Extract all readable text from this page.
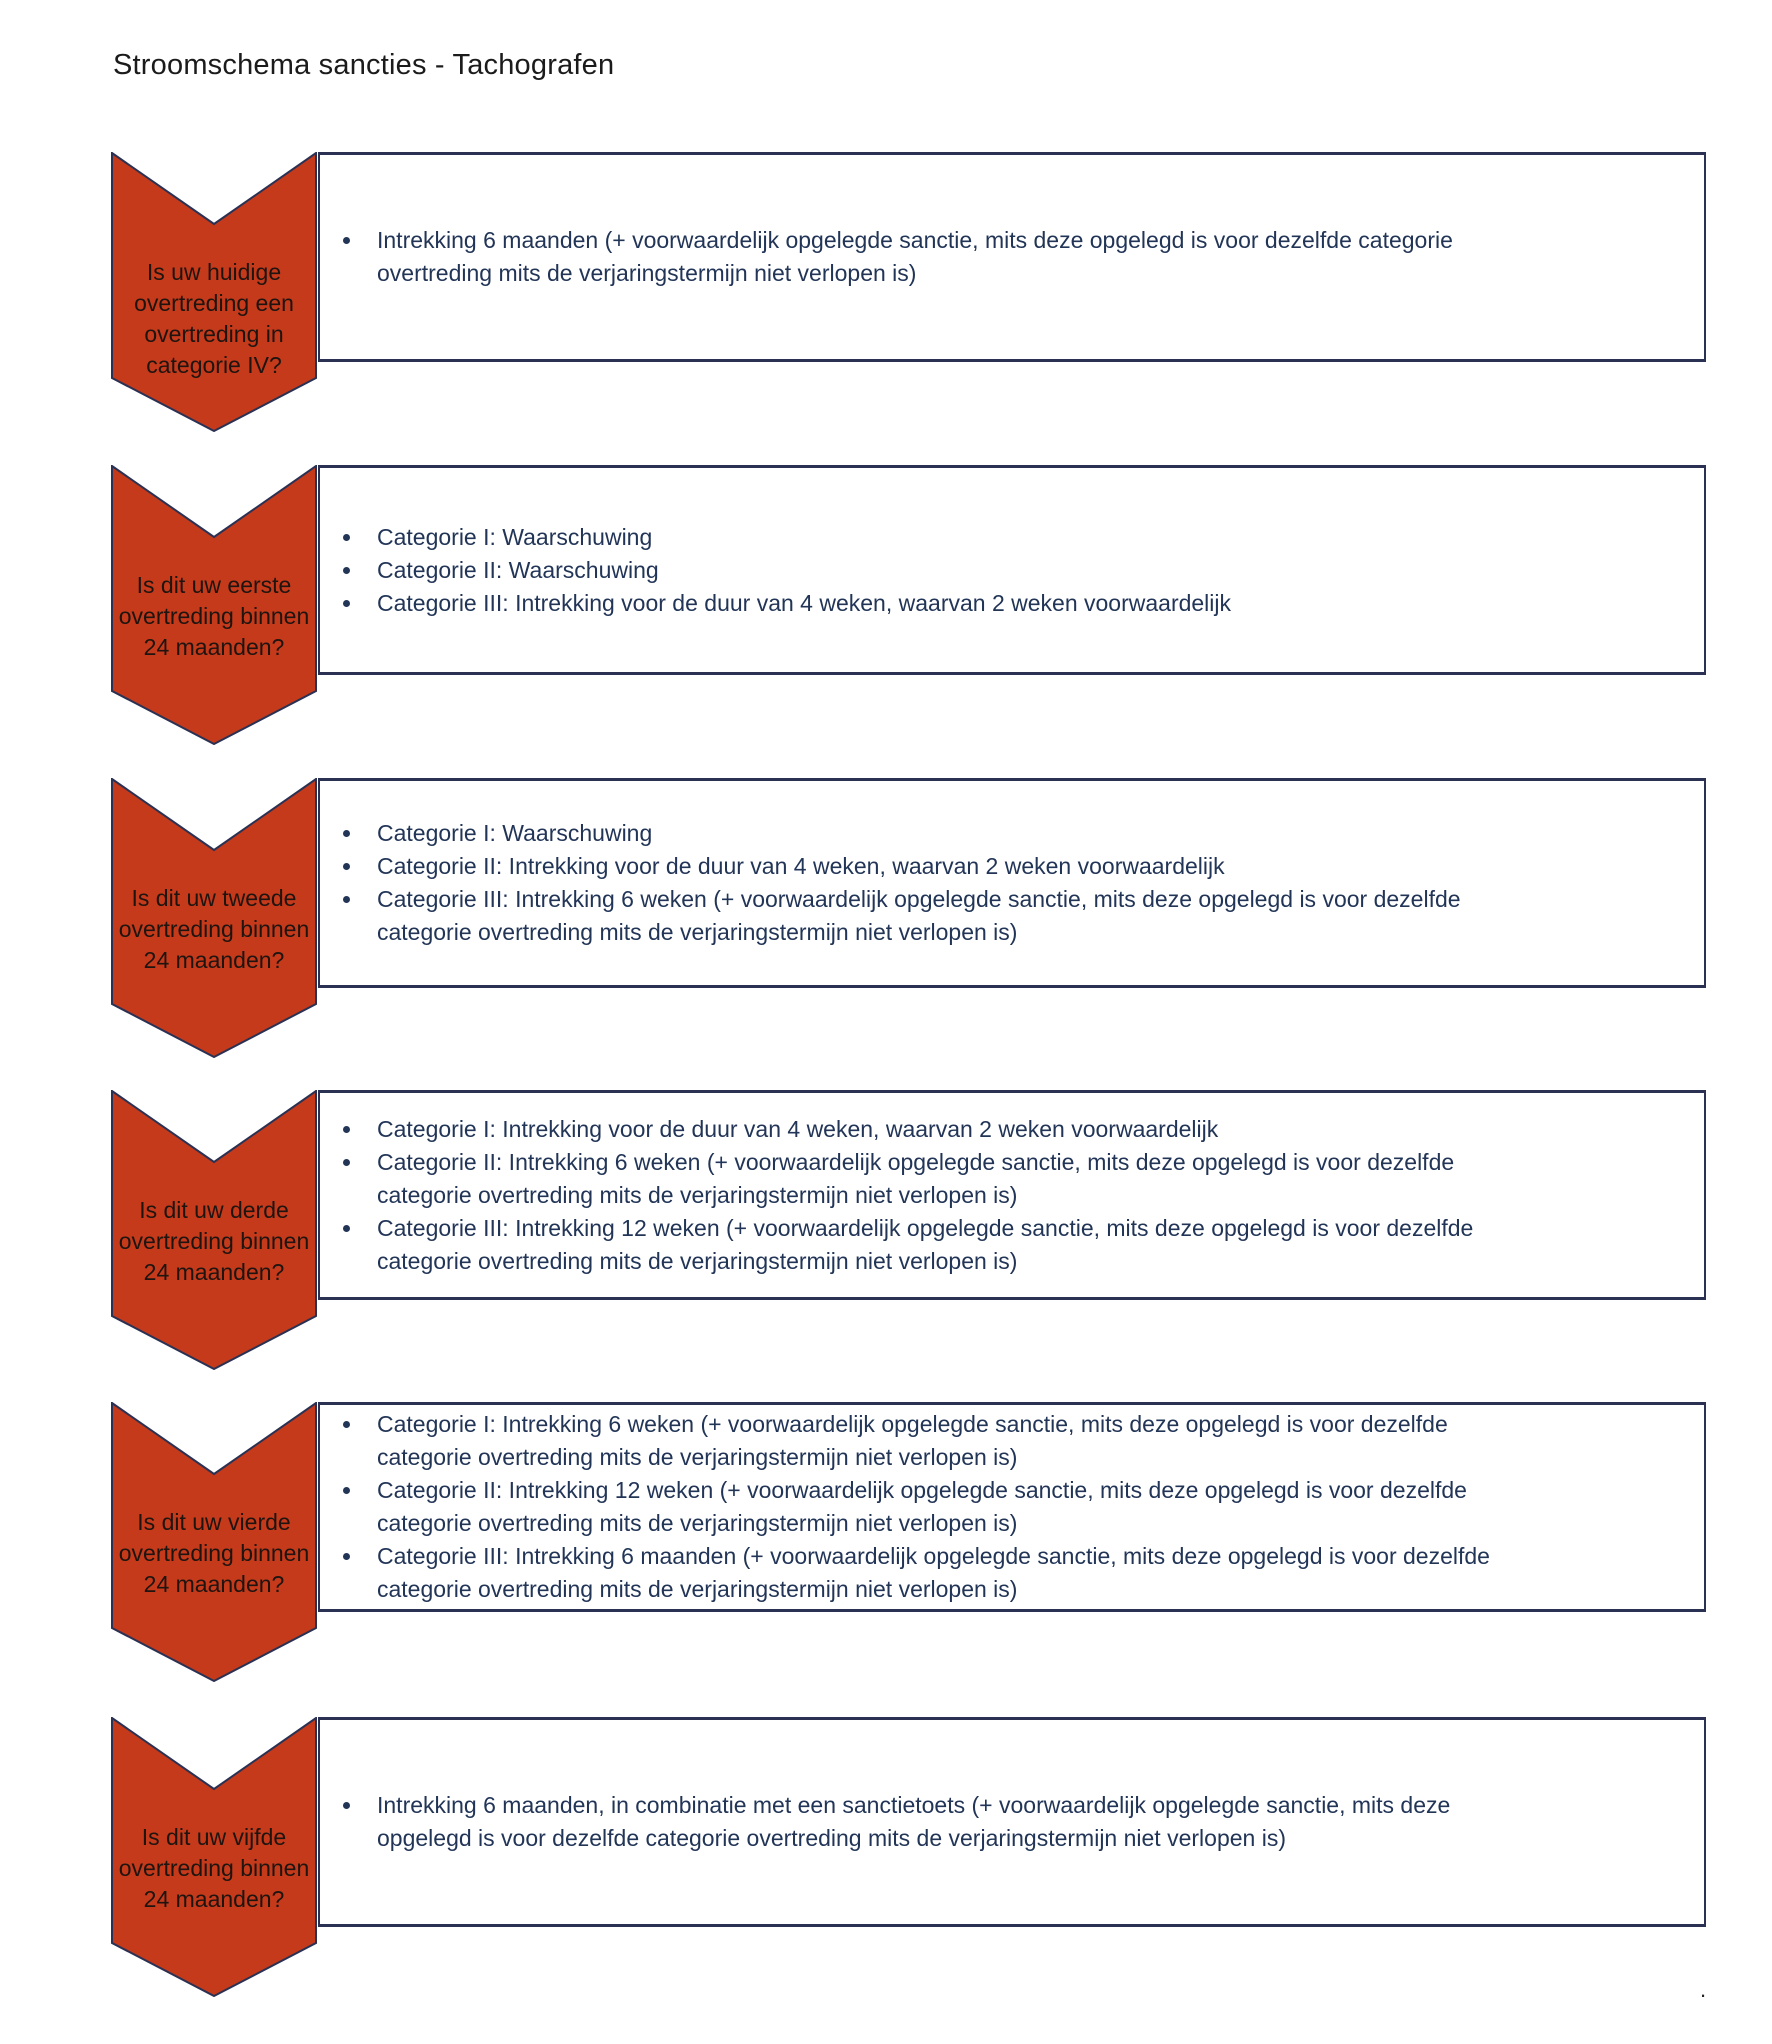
Stroomschema sancties - Tachografen
Intrekking 6 maanden (+ voorwaardelijk opgelegde sanctie, mits deze opgelegd is voor dezelfde categorie overtreding mits de verjaringstermijn niet verlopen is)
Is uw huidige overtreding een overtreding in categorie IV?
Categorie I: Waarschuwing
Categorie II: Waarschuwing
Categorie III: Intrekking voor de duur van 4 weken, waarvan 2 weken voorwaardelijk
Is dit uw eerste overtreding binnen 24 maanden?
Categorie I: Waarschuwing
Categorie II: Intrekking voor de duur van 4 weken, waarvan 2 weken voorwaardelijk
Categorie III: Intrekking 6 weken (+ voorwaardelijk opgelegde sanctie, mits deze opgelegd is voor dezelfde categorie overtreding mits de verjaringstermijn niet verlopen is)
Is dit uw tweede overtreding binnen 24 maanden?
Categorie I: Intrekking voor de duur van 4 weken, waarvan 2 weken voorwaardelijk
Categorie II: Intrekking 6 weken (+ voorwaardelijk opgelegde sanctie, mits deze opgelegd is voor dezelfde categorie overtreding mits de verjaringstermijn niet verlopen is)
Categorie III: Intrekking 12 weken (+ voorwaardelijk opgelegde sanctie, mits deze opgelegd is voor dezelfde categorie overtreding mits de verjaringstermijn niet verlopen is)
Is dit uw derde overtreding binnen 24 maanden?
Categorie I: Intrekking 6 weken (+ voorwaardelijk opgelegde sanctie, mits deze opgelegd is voor dezelfde categorie overtreding mits de verjaringstermijn niet verlopen is)
Categorie II: Intrekking 12 weken (+ voorwaardelijk opgelegde sanctie, mits deze opgelegd is voor dezelfde categorie overtreding mits de verjaringstermijn niet verlopen is)
Categorie III: Intrekking 6 maanden (+ voorwaardelijk opgelegde sanctie, mits deze opgelegd is voor dezelfde categorie overtreding mits de verjaringstermijn niet verlopen is)
Is dit uw vierde overtreding binnen 24 maanden?
Intrekking 6 maanden, in combinatie met een sanctietoets (+ voorwaardelijk opgelegde sanctie, mits deze opgelegd is voor dezelfde categorie overtreding mits de verjaringstermijn niet verlopen is)
Is dit uw vijfde overtreding binnen 24 maanden?
.
